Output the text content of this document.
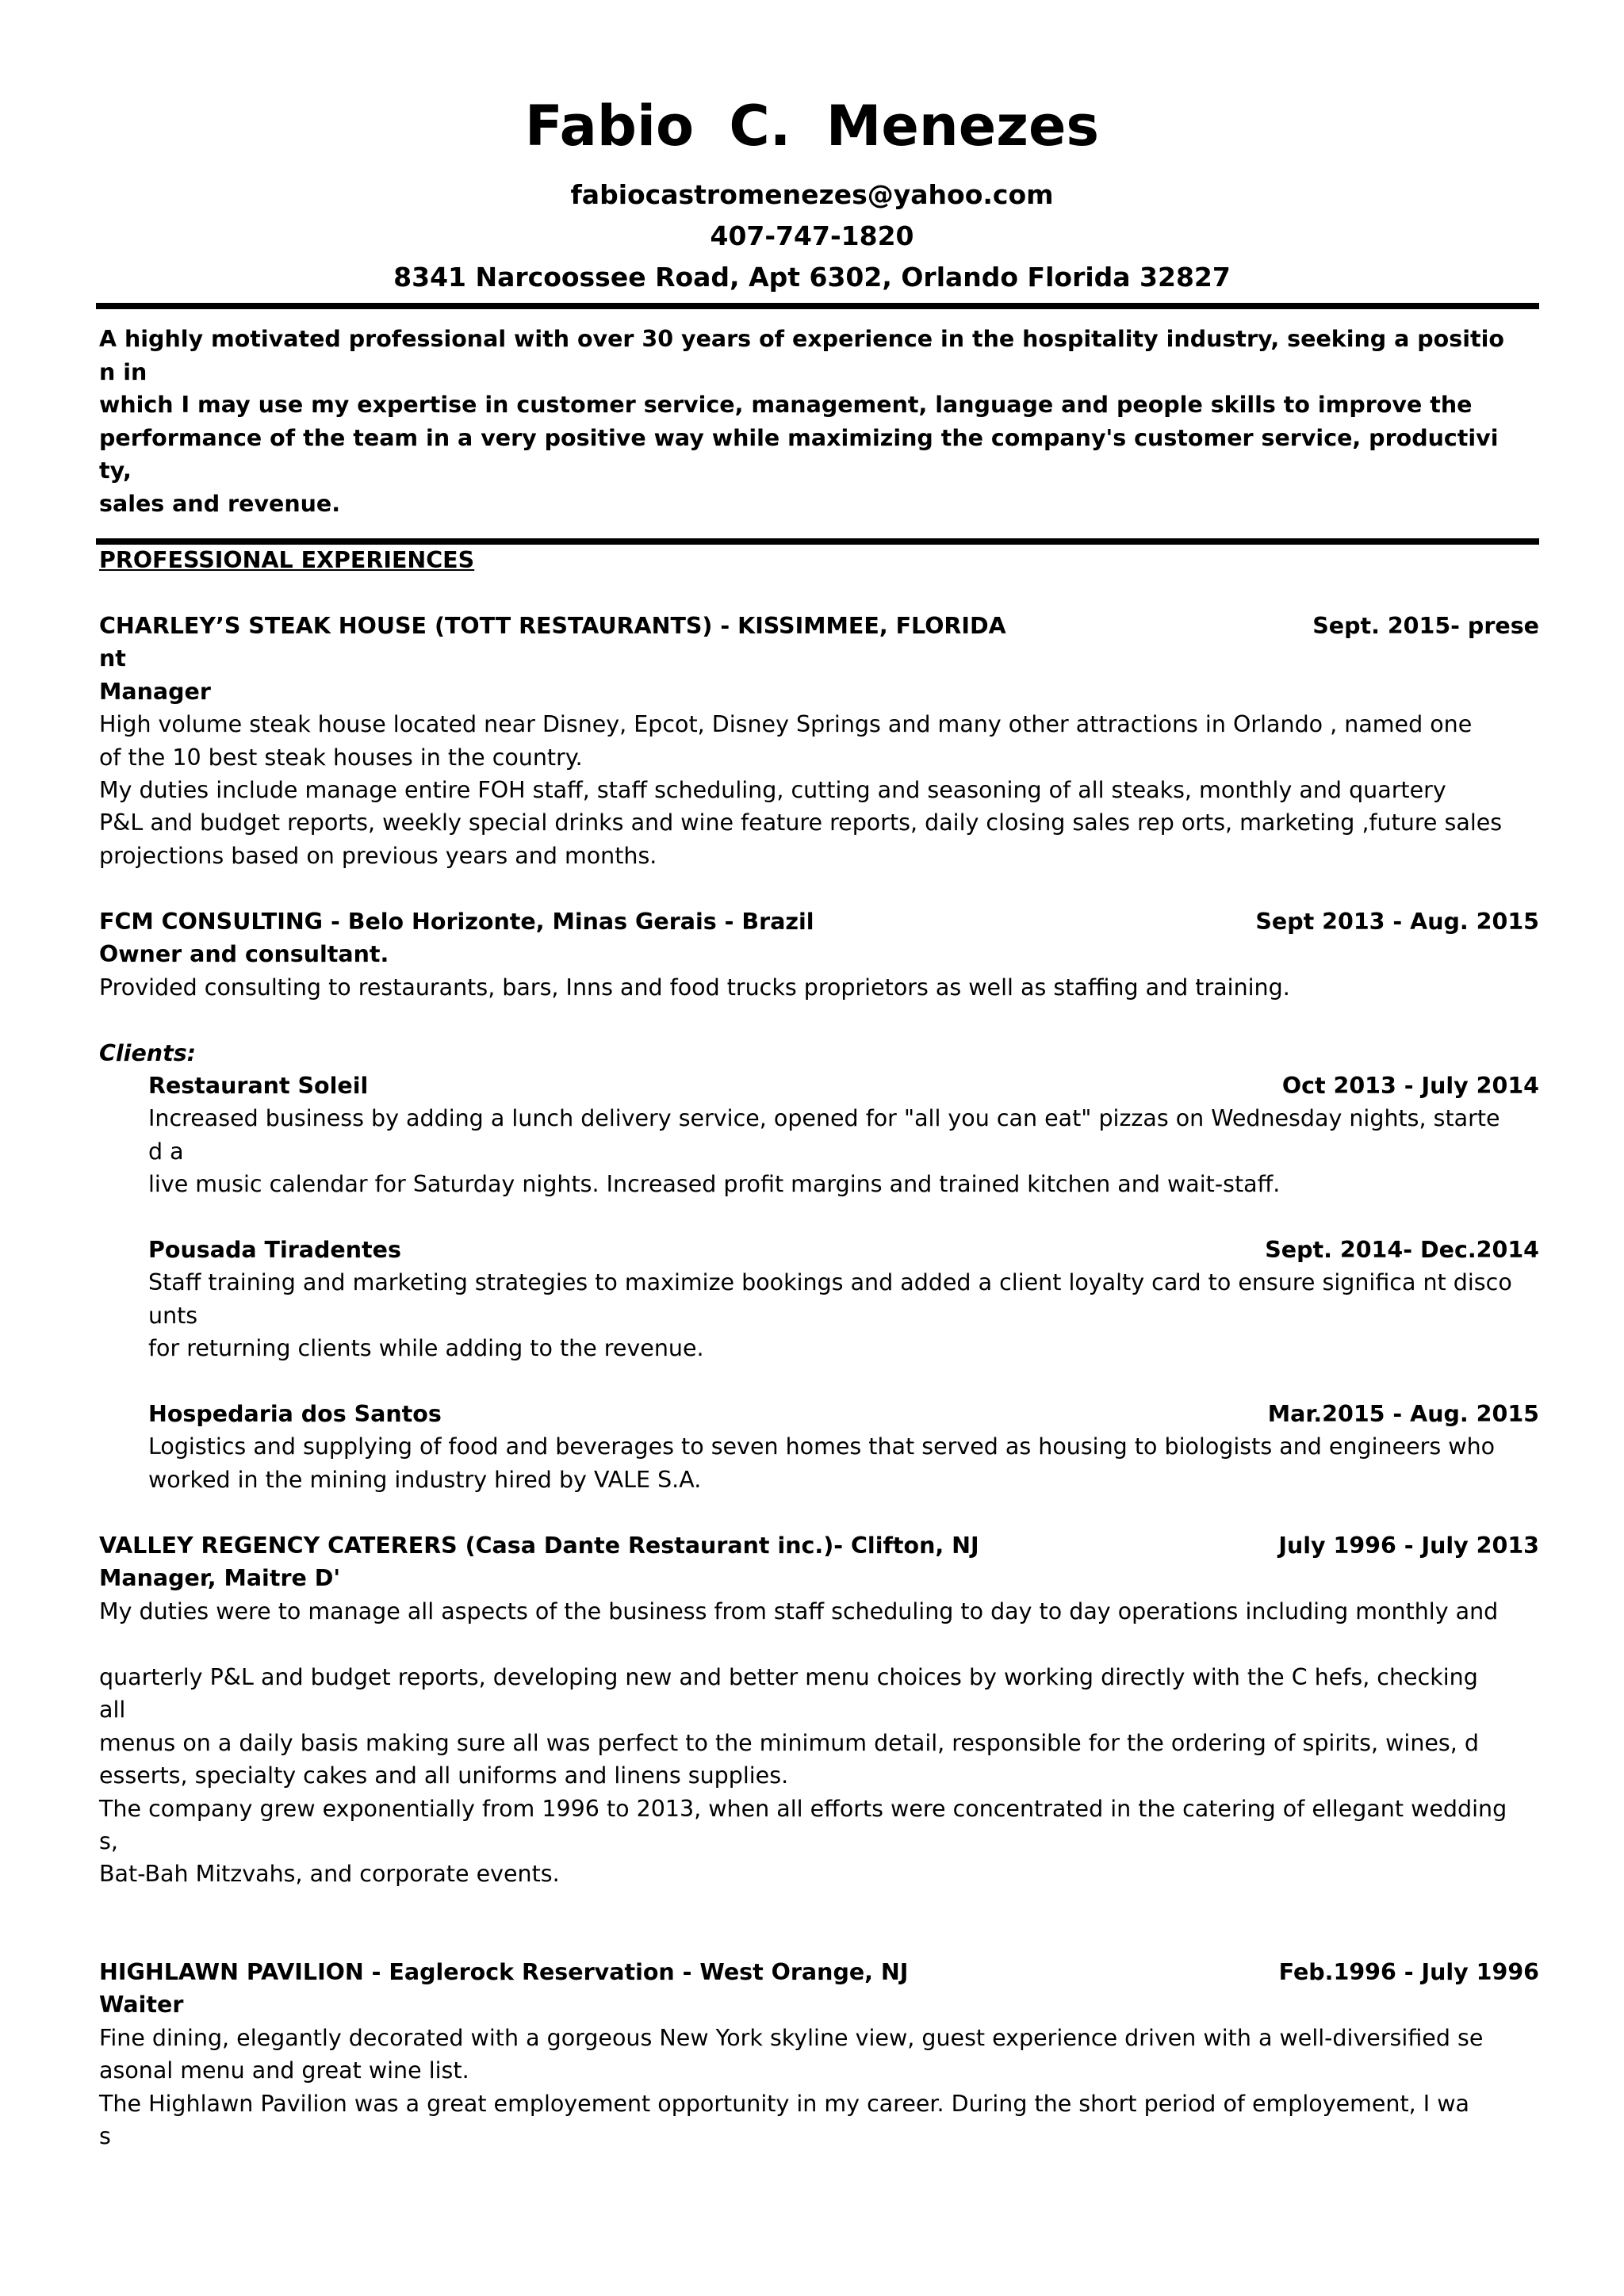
Fabio C. Menezes
fabiocastromenezes@yahoo.com
407-747-1820
8341 Narcoossee Road, Apt 6302, Orlando Florida 32827
A highly motivated professional with over 30 years of experience in the hospitality industry, seeking a positio
n in
which I may use my expertise in customer service, management, language and people skills to improve the
performance of the team in a very positive way while maximizing the company's customer service, productivi
ty,
sales and revenue.
PROFESSIONAL EXPERIENCES
CHARLEY’S STEAK HOUSE (TOTT RESTAURANTS) - KISSIMMEE, FLORIDA	Sept. 2015- prese
nt
Manager
High volume steak house located near Disney, Epcot, Disney Springs and many other attractions in Orlando , named one
of the 10 best steak houses in the country.
My duties include manage entire FOH staff, staff scheduling, cutting and seasoning of all steaks, monthly and quartery
P&L and budget reports, weekly special drinks and wine feature reports, daily closing sales rep orts, marketing ,future sales
projections based on previous years and months.
FCM CONSULTING - Belo Horizonte, Minas Gerais - Brazil	Sept 2013 - Aug. 2015
Owner and consultant.
Provided consulting to restaurants, bars, Inns and food trucks proprietors as well as staffing and training.
Clients:
Restaurant Soleil	Oct 2013 - July 2014
Increased business by adding a lunch delivery service, opened for "all you can eat" pizzas on Wednesday nights, starte
d a
live music calendar for Saturday nights. Increased profit margins and trained kitchen and wait-staff.
Pousada Tiradentes	Sept. 2014- Dec.2014
Staff training and marketing strategies to maximize bookings and added a client loyalty card to ensure significa nt disco
unts
for returning clients while adding to the revenue.
Hospedaria dos Santos	Mar.2015 - Aug. 2015
Logistics and supplying of food and beverages to seven homes that served as housing to biologists and engineers who
worked in the mining industry hired by VALE S.A.
VALLEY REGENCY CATERERS (Casa Dante Restaurant inc.)- Clifton, NJ	July 1996 - July 2013
Manager, Maitre D'
My duties were to manage all aspects of the business from staff scheduling to day to day operations including monthly and
quarterly P&L and budget reports, developing new and better menu choices by working directly with the C hefs, checking
all
menus on a daily basis making sure all was perfect to the minimum detail, responsible for the ordering of spirits, wines, d
esserts, specialty cakes and all uniforms and linens supplies.
The company grew exponentially from 1996 to 2013, when all efforts were concentrated in the catering of ellegant wedding
s,
Bat-Bah Mitzvahs, and corporate events.
HIGHLAWN PAVILION - Eaglerock Reservation - West Orange, NJ	Feb.1996 - July 1996
Waiter
Fine dining, elegantly decorated with a gorgeous New York skyline view, guest experience driven with a well-diversified se
asonal menu and great wine list.
The Highlawn Pavilion was a great employement opportunity in my career. During the short period of employement, I wa
s
